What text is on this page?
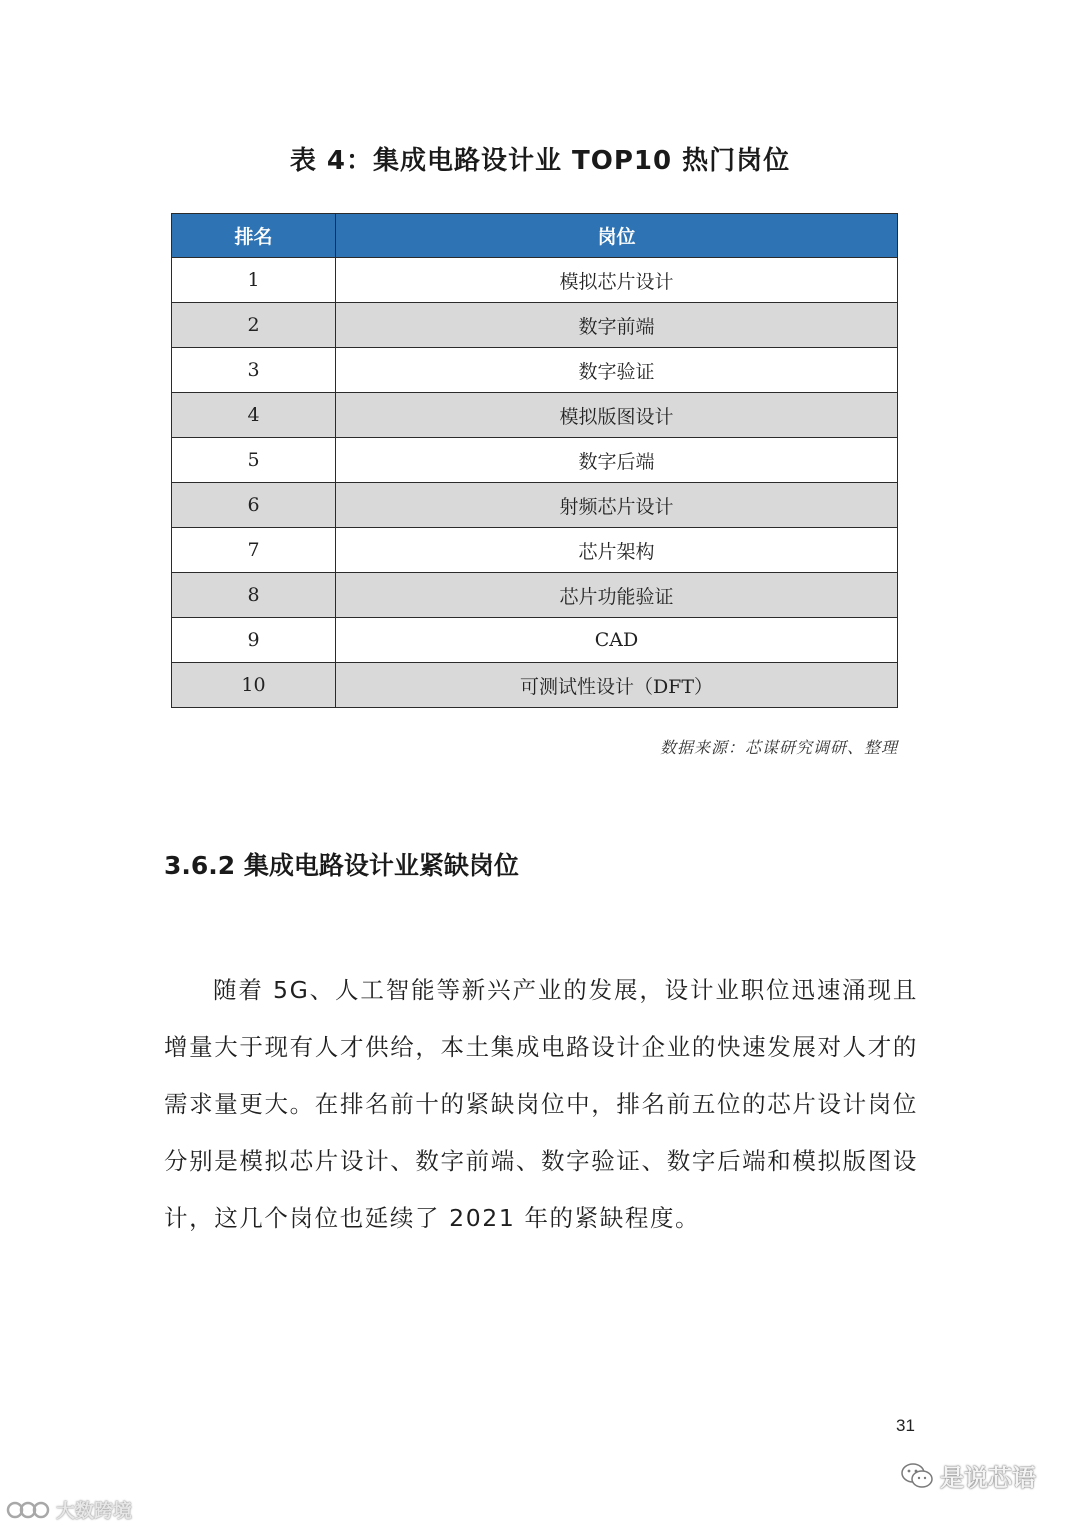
表 4：集成电路设计业 TOP10 热门岗位
排名	岗位
1	模拟芯片设计
2	数字前端
3	数字验证
4	模拟版图设计
5	数字后端
6	射频芯片设计
7	芯片架构
8	芯片功能验证
9	CAD
10	可测试性设计（DFT）
数据来源：芯谋研究调研、整理
3.6.2 集成电路设计业紧缺岗位

随着 5G、人工智能等新兴产业的发展，设计业职位迅速涌现且增量大于现有人才供给，本土集成电路设计企业的快速发展对人才的需求量更大。在排名前十的紧缺岗位中，排名前五位的芯片设计岗位分别是模拟芯片设计、数字前端、数字验证、数字后端和模拟版图设计，这几个岗位也延续了 2021 年的紧缺程度。

31
大数跨境
是说芯语
